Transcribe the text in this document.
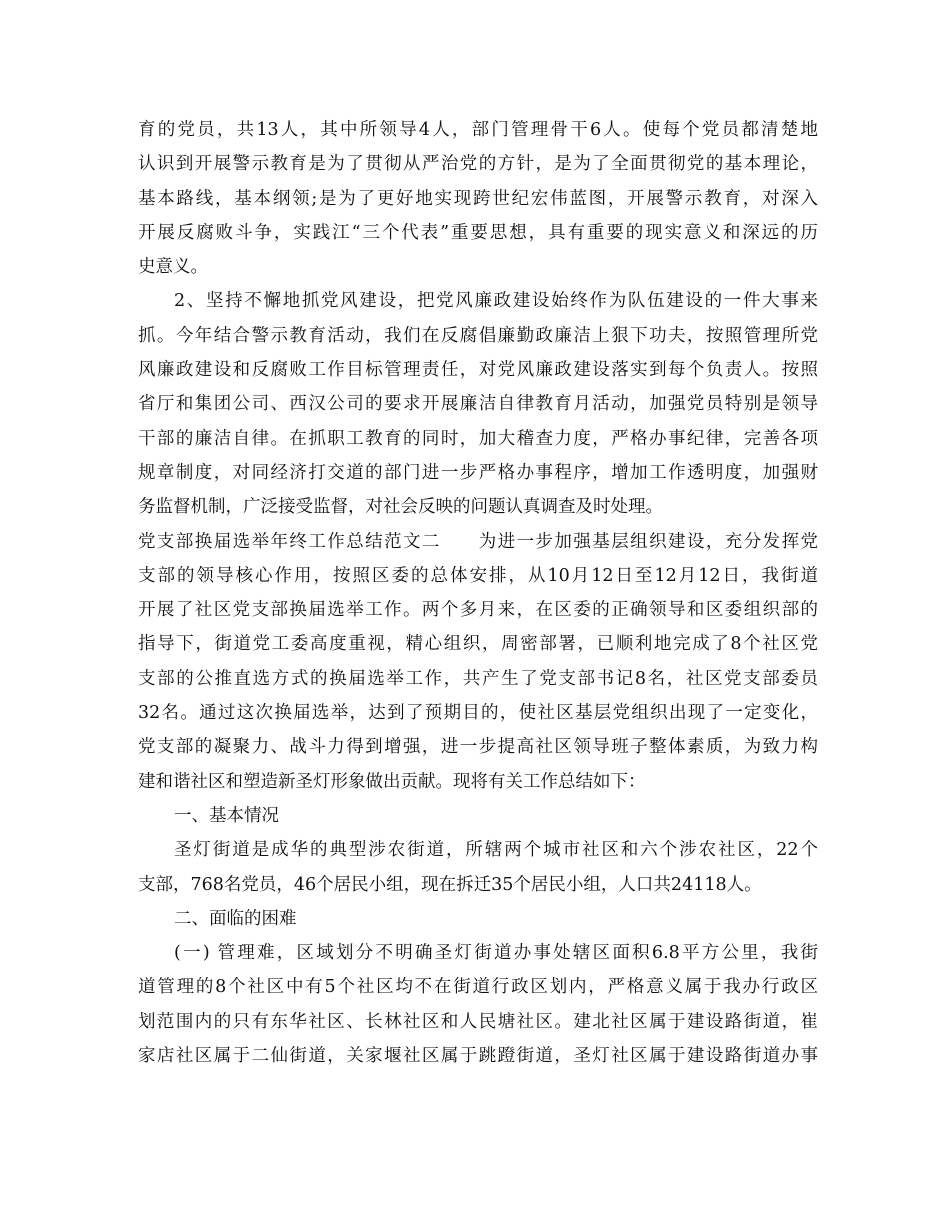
育的党员，共13人，其中所领导4人，部门管理骨干6人。使每个党员都清楚地
认识到开展警示教育是为了贯彻从严治党的方针，是为了全面贯彻党的基本理论，
基本路线，基本纲领;是为了更好地实现跨世纪宏伟蓝图，开展警示教育，对深入
开展反腐败斗争，实践江“三个代表”重要思想，具有重要的现实意义和深远的历
史意义。
2、坚持不懈地抓党风建设，把党风廉政建设始终作为队伍建设的一件大事来
抓。今年结合警示教育活动，我们在反腐倡廉勤政廉洁上狠下功夫，按照管理所党
风廉政建设和反腐败工作目标管理责任，对党风廉政建设落实到每个负责人。按照
省厅和集团公司、西汉公司的要求开展廉洁自律教育月活动，加强党员特别是领导
干部的廉洁自律。在抓职工教育的同时，加大稽查力度，严格办事纪律，完善各项
规章制度，对同经济打交道的部门进一步严格办事程序，增加工作透明度，加强财
务监督机制，广泛接受监督，对社会反映的问题认真调查及时处理。
党支部换届选举年终工作总结范文二　　为进一步加强基层组织建设，充分发挥党
支部的领导核心作用，按照区委的总体安排，从10月12日至12月12日，我街道
开展了社区党支部换届选举工作。两个多月来，在区委的正确领导和区委组织部的
指导下，街道党工委高度重视，精心组织，周密部署，已顺利地完成了8个社区党
支部的公推直选方式的换届选举工作，共产生了党支部书记8名，社区党支部委员
32名。通过这次换届选举，达到了预期目的，使社区基层党组织出现了一定变化，
党支部的凝聚力、战斗力得到增强，进一步提高社区领导班子整体素质，为致力构
建和谐社区和塑造新圣灯形象做出贡献。现将有关工作总结如下：
一、基本情况
圣灯街道是成华的典型涉农街道，所辖两个城市社区和六个涉农社区，22个
支部，768名党员，46个居民小组，现在拆迁35个居民小组，人口共24118人。
二、面临的困难
(一) 管理难，区域划分不明确圣灯街道办事处辖区面积6.8平方公里，我街
道管理的8个社区中有5个社区均不在街道行政区划内，严格意义属于我办行政区
划范围内的只有东华社区、长林社区和人民塘社区。建北社区属于建设路街道，崔
家店社区属于二仙街道，关家堰社区属于跳蹬街道，圣灯社区属于建设路街道办事
